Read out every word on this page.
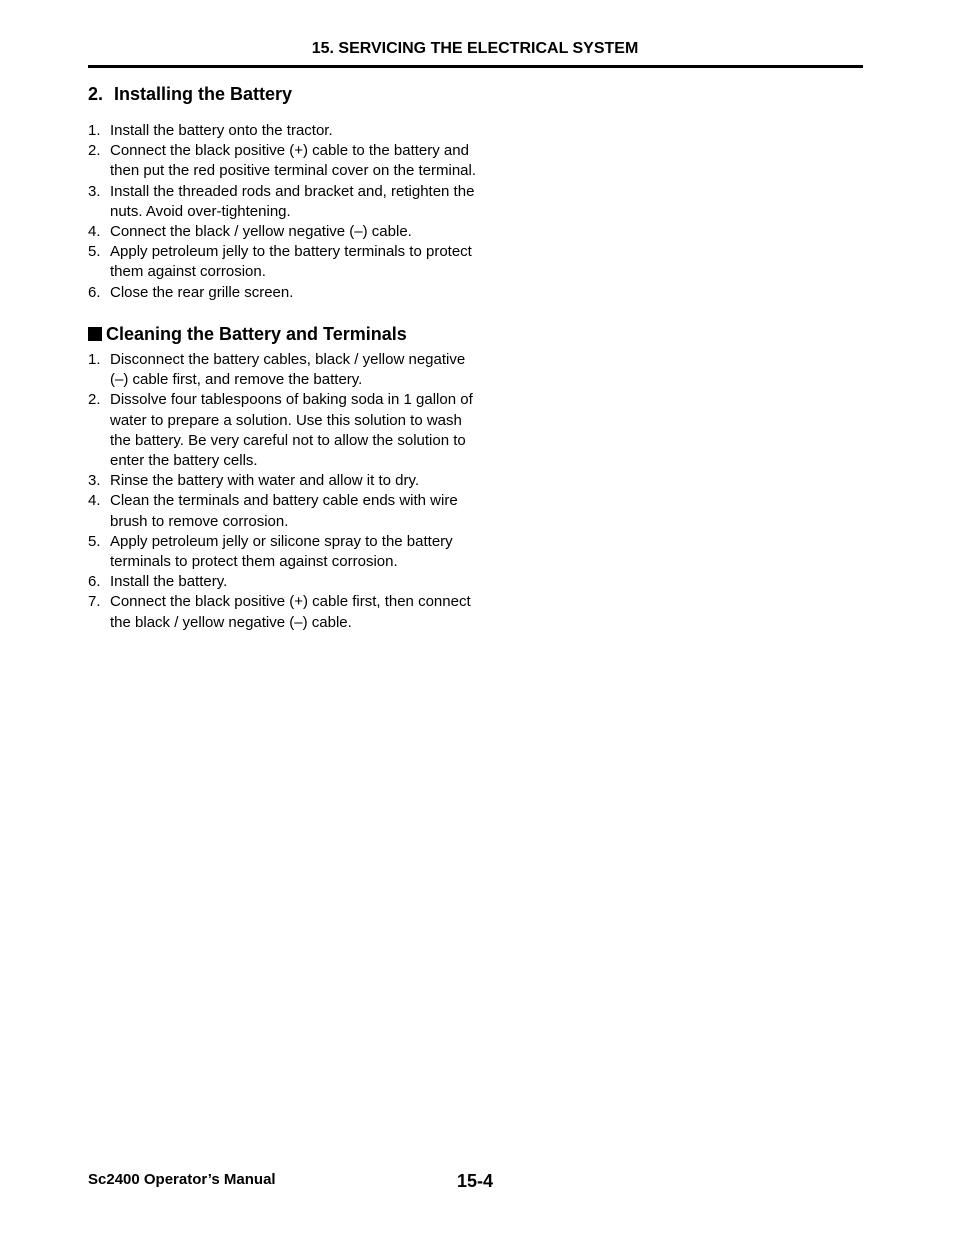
15. SERVICING THE ELECTRICAL SYSTEM
2. Installing the Battery
1. Install the battery onto the tractor.
2. Connect the black positive (+) cable to the battery and
then put the red positive terminal cover on the terminal.
3. Install the threaded rods and bracket and, retighten the
nuts. Avoid over-tightening.
4. Connect the black / yellow negative (–) cable.
5. Apply petroleum jelly to the battery terminals to protect
them against corrosion.
6. Close the rear grille screen.
Cleaning the Battery and Terminals
1. Disconnect the battery cables, black / yellow negative
(–) cable first, and remove the battery.
2. Dissolve four tablespoons of baking soda in 1 gallon of
water to prepare a solution. Use this solution to wash
the battery. Be very careful not to allow the solution to
enter the battery cells.
3. Rinse the battery with water and allow it to dry.
4. Clean the terminals and battery cable ends with wire
brush to remove corrosion.
5. Apply petroleum jelly or silicone spray to the battery
terminals to protect them against corrosion.
6. Install the battery.
7. Connect the black positive (+) cable first, then connect
the black / yellow negative (–) cable.
Sc2400 Operator’s Manual	15-4
